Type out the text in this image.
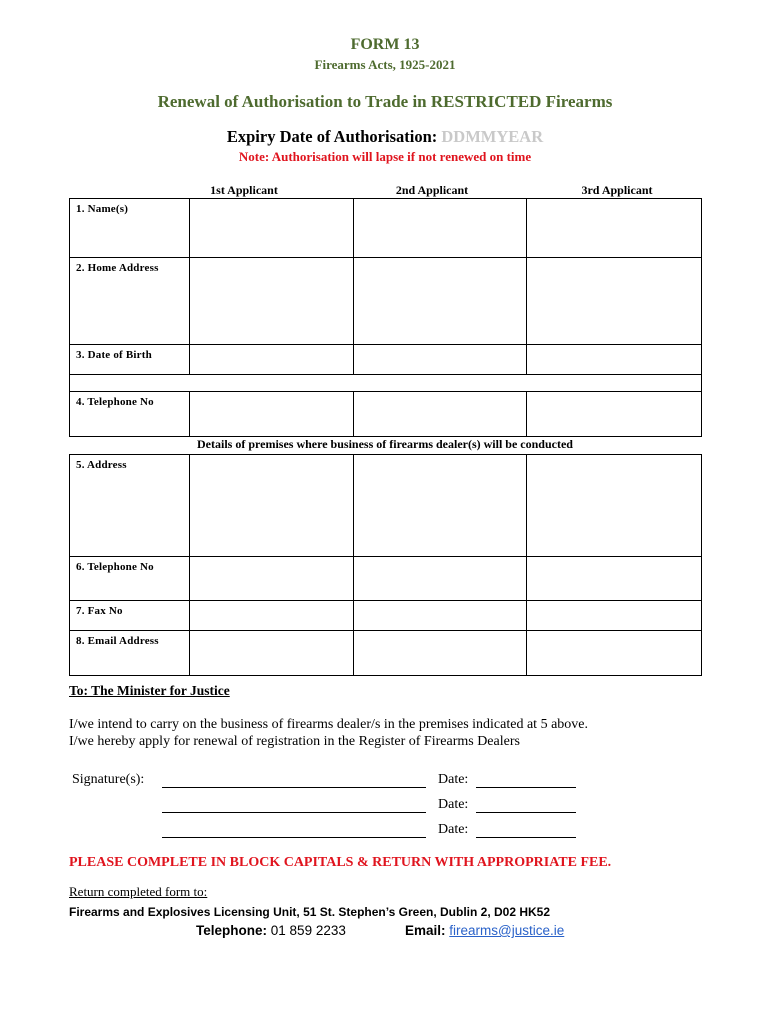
FORM 13
Firearms Acts, 1925-2021
Renewal of Authorisation to Trade in RESTRICTED Firearms
Expiry Date of Authorisation: DDMMYEAR
Note: Authorisation will lapse if not renewed on time
1st Applicant	2nd Applicant	3rd Applicant
1. Name(s)			
2. Home Address			
3. Date of Birth			

4. Telephone No			
Details of premises where business of firearms dealer(s) will be conducted
5. Address			
6. Telephone No			
7. Fax No			
8. Email Address			
To: The Minister for Justice
I/we intend to carry on the business of firearms dealer/s in the premises indicated at 5 above.
I/we hereby apply for renewal of registration in the Register of Firearms Dealers
Signature(s):	Date:
Date:
Date:
PLEASE COMPLETE IN BLOCK CAPITALS & RETURN WITH APPROPRIATE FEE.
Return completed form to:
Firearms and Explosives Licensing Unit, 51 St. Stephen’s Green, Dublin 2, D02 HK52
Telephone: 01 859 2233	Email: firearms@justice.ie
